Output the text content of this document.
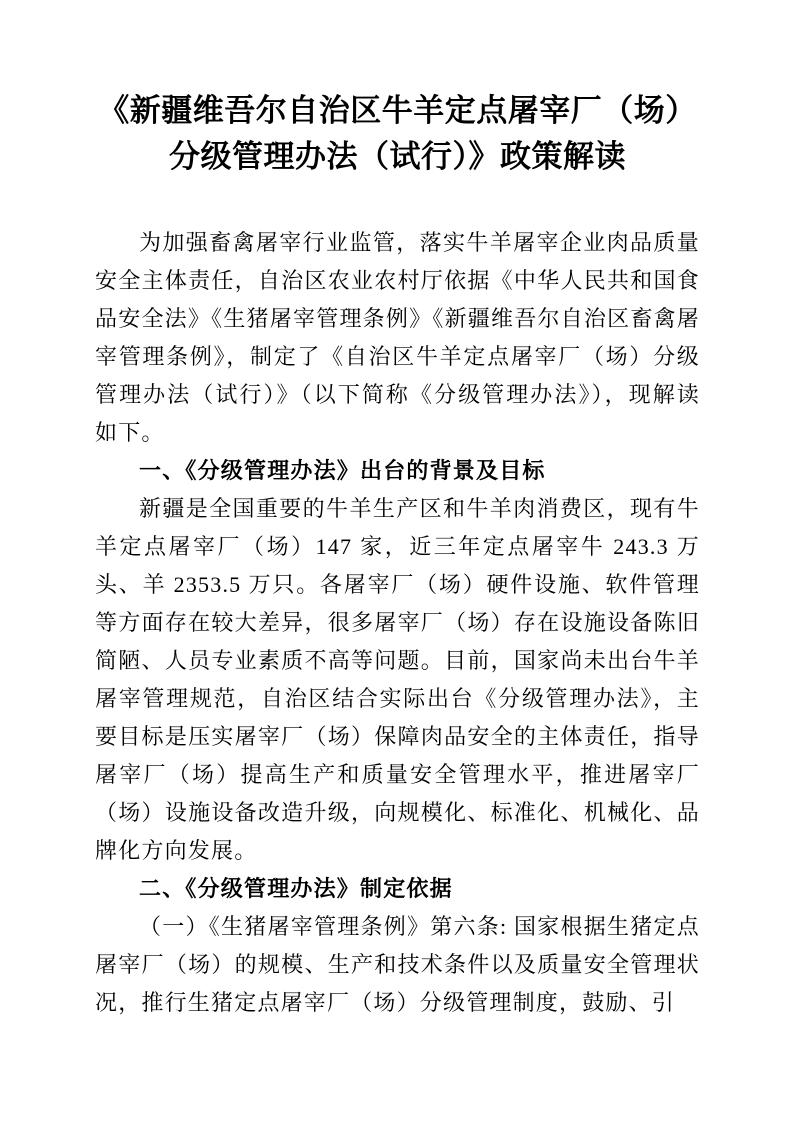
《新疆维吾尔自治区牛羊定点屠宰厂（场）
分级管理办法（试行）》政策解读

为加强畜禽屠宰行业监管，落实牛羊屠宰企业肉品质量安全主体责任，自治区农业农村厅依据《中华人民共和国食品安全法》《生猪屠宰管理条例》《新疆维吾尔自治区畜禽屠宰管理条例》，制定了《自治区牛羊定点屠宰厂（场）分级管理办法（试行）》（以下简称《分级管理办法》），现解读如下。

一、《分级管理办法》出台的背景及目标

新疆是全国重要的牛羊生产区和牛羊肉消费区，现有牛羊定点屠宰厂（场）147 家，近三年定点屠宰牛 243.3 万头、羊 2353.5 万只。各屠宰厂（场）硬件设施、软件管理等方面存在较大差异，很多屠宰厂（场）存在设施设备陈旧简陋、人员专业素质不高等问题。目前，国家尚未出台牛羊屠宰管理规范，自治区结合实际出台《分级管理办法》，主要目标是压实屠宰厂（场）保障肉品安全的主体责任，指导屠宰厂（场）提高生产和质量安全管理水平，推进屠宰厂（场）设施设备改造升级，向规模化、标准化、机械化、品牌化方向发展。

二、《分级管理办法》制定依据

（一）《生猪屠宰管理条例》第六条: 国家根据生猪定点屠宰厂（场）的规模、生产和技术条件以及质量安全管理状况，推行生猪定点屠宰厂（场）分级管理制度，鼓励、引
